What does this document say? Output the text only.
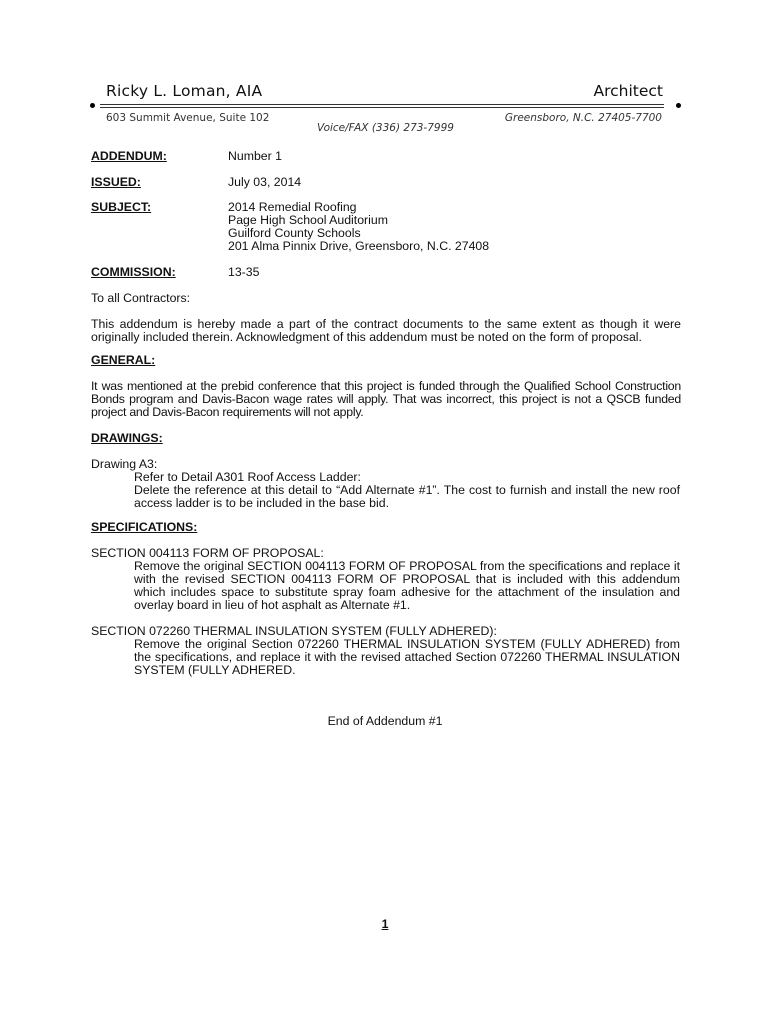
Ricky L. Loman, AIA	Architect
603 Summit Avenue, Suite 102	Greensboro, N.C. 27405-7700
Voice/FAX (336) 273-7999
ADDENDUM:	Number 1
ISSUED:	July 03, 2014
SUBJECT:	2014 Remedial Roofing
Page High School Auditorium
Guilford County Schools
201 Alma Pinnix Drive, Greensboro, N.C. 27408
COMMISSION:	13-35
To all Contractors:
This addendum is hereby made a part of the contract documents to the same extent as though it were originally included therein. Acknowledgment of this addendum must be noted on the form of proposal.
GENERAL:
It was mentioned at the prebid conference that this project is funded through the Qualified School Construction Bonds program and Davis-Bacon wage rates will apply. That was incorrect, this project is not a QSCB funded project and Davis-Bacon requirements will not apply.
DRAWINGS:
Drawing A3:
Refer to Detail A301 Roof Access Ladder:
Delete the reference at this detail to “Add Alternate #1”. The cost to furnish and install the new roof access ladder is to be included in the base bid.
SPECIFICATIONS:
SECTION 004113 FORM OF PROPOSAL:
Remove the original SECTION 004113 FORM OF PROPOSAL from the specifications and replace it with the revised SECTION 004113 FORM OF PROPOSAL that is included with this addendum which includes space to substitute spray foam adhesive for the attachment of the insulation and overlay board in lieu of hot asphalt as Alternate #1.
SECTION 072260 THERMAL INSULATION SYSTEM (FULLY ADHERED):
Remove the original Section 072260 THERMAL INSULATION SYSTEM (FULLY ADHERED) from the specifications, and replace it with the revised attached Section 072260 THERMAL INSULATION SYSTEM (FULLY ADHERED.
End of Addendum #1
1
